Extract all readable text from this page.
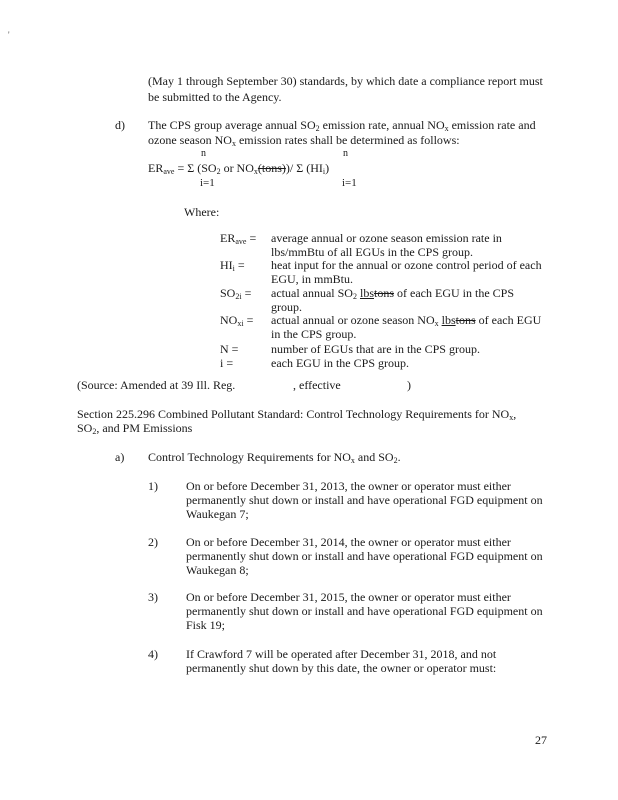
'
(May 1 through September 30) standards, by which date a compliance report must
be submitted to the Agency.
d) The CPS group average annual $SO_2$ emission rate, annual $NO_x$ emission rate and
ozone season $NO_x$ emission rates shall be determined as follows:
n	n
$ER_{ave} = \Sigma$ ($SO_2$ or $NO_x(tons))/$ Σ $(HI_i)$
i=1	i=1
Where:
$ER_{ave}$ = average annual or ozone season emission rate in
lbs/mmBtu of all EGUs in the CPS group.
$HI_i$ = heat input for the annual or ozone control period of each
EGU, in mmBtu.
$SO_{2i}$ = actual annual $SO_2$ lbstons of each EGU in the CPS
group.
$NO_{xi}$ = actual annual or ozone season $NO_x$ lbstons of each EGU
in the CPS group.
N =	number of EGUs that are in the CPS group.
i =	each EGU in the CPS group.
(Source: Amended at 39 Ill. Reg.	, effective	)
Section 225.296 Combined Pollutant Standard: Control Technology Requirements for $NO_x$,
$SO_2$, and PM Emissions
a) Control Technology Requirements for $NO_x$ and $SO_2$.
1) On or before December 31, 2013, the owner or operator must either
permanently shut down or install and have operational FGD equipment on
Waukegan 7;
2) On or before December 31, 2014, the owner or operator must either
permanently shut down or install and have operational FGD equipment on
Waukegan 8;
3) On or before December 31, 2015, the owner or operator must either
permanently shut down or install and have operational FGD equipment on
Fisk 19;
4) If Crawford 7 will be operated after December 31, 2018, and not
permanently shut down by this date, the owner or operator must:
27
